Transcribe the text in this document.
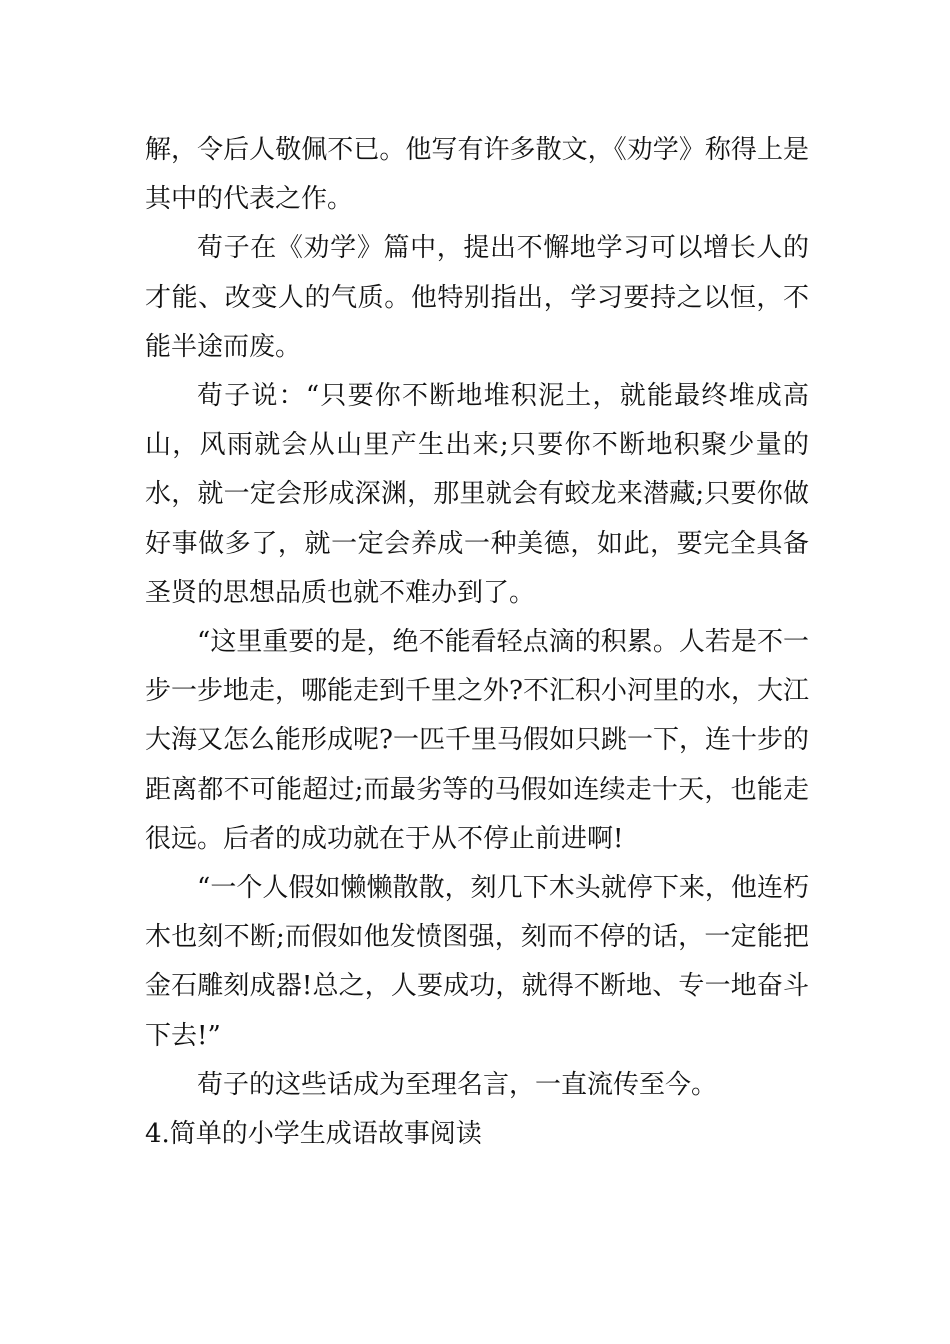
解，令后人敬佩不已。他写有许多散文，《劝学》称得上是其中的代表之作。

荀子在《劝学》篇中，提出不懈地学习可以增长人的才能、改变人的气质。他特别指出，学习要持之以恒，不能半途而废。

荀子说：“只要你不断地堆积泥土，就能最终堆成高山，风雨就会从山里产生出来;只要你不断地积聚少量的水，就一定会形成深渊，那里就会有蛟龙来潜藏;只要你做好事做多了，就一定会养成一种美德，如此，要完全具备圣贤的思想品质也就不难办到了。

“这里重要的是，绝不能看轻点滴的积累。人若是不一步一步地走，哪能走到千里之外?不汇积小河里的水，大江大海又怎么能形成呢?一匹千里马假如只跳一下，连十步的距离都不可能超过;而最劣等的马假如连续走十天，也能走很远。后者的成功就在于从不停止前进啊!

“一个人假如懒懒散散，刻几下木头就停下来，他连朽木也刻不断;而假如他发愤图强，刻而不停的话，一定能把金石雕刻成器!总之，人要成功，就得不断地、专一地奋斗下去!”

荀子的这些话成为至理名言，一直流传至今。

4.简单的小学生成语故事阅读
